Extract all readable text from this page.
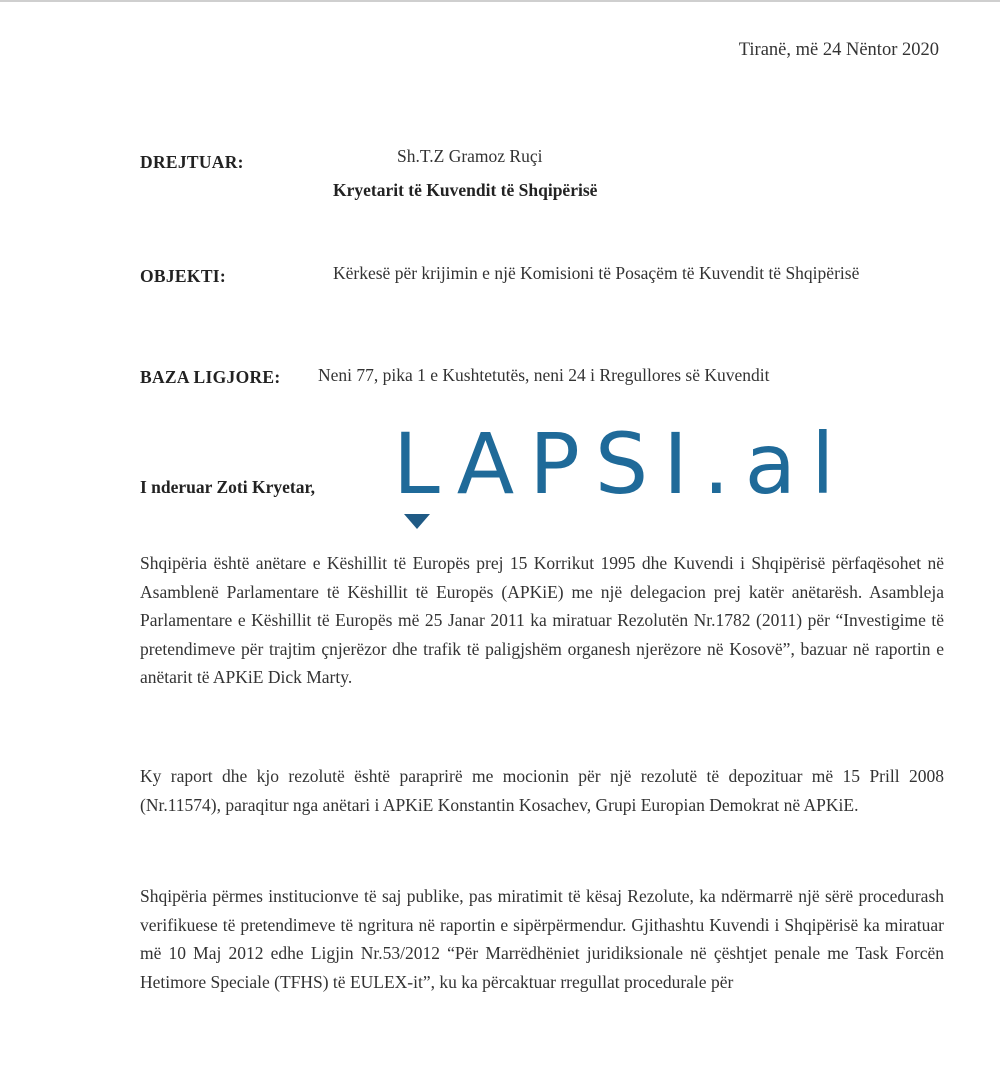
Tiranë, më 24 Nëntor 2020
DREJTUAR:	Sh.T.Z Gramoz Ruçi
Kryetarit të Kuvendit të Shqipërisë
OBJEKTI:	Kërkesë për krijimin e një Komisioni të Posaçëm të Kuvendit të Shqipërisë
BAZA LIGJORE: Neni 77, pika 1 e Kushtetutës, neni 24 i Rregullores së Kuvendit
I nderuar Zoti Kryetar, LAPSI.al
Shqipëria është anëtare e Këshillit të Europës prej 15 Korrikut 1995 dhe Kuvendi i Shqipërisë përfaqësohet në Asamblenë Parlamentare të Këshillit të Europës (APKiE) me një delegacion prej katër anëtarësh. Asambleja Parlamentare e Këshillit të Europës më 25 Janar 2011 ka miratuar Rezolutën Nr.1782 (2011) për “Investigime të pretendimeve për trajtim çnjerëzor dhe trafik të paligjshëm organesh njerëzore në Kosovë”, bazuar në raportin e anëtarit të APKiE Dick Marty.
Ky raport dhe kjo rezolutë është paraprirë me mocionin për një rezolutë të depozituar më 15 Prill 2008 (Nr.11574), paraqitur nga anëtari i APKiE Konstantin Kosachev, Grupi Europian Demokrat në APKiE.
Shqipëria përmes institucionve të saj publike, pas miratimit të kësaj Rezolute, ka ndërmarrë një sërë procedurash verifikuese të pretendimeve të ngritura në raportin e sipërpërmendur. Gjithashtu Kuvendi i Shqipërisë ka miratuar më 10 Maj 2012 edhe Ligjin Nr.53/2012 “Për Marrëdhëniet juridiksionale në çështjet penale me Task Forcën Hetimore Speciale (TFHS) të EULEX-it”, ku ka përcaktuar rregullat procedurale për
